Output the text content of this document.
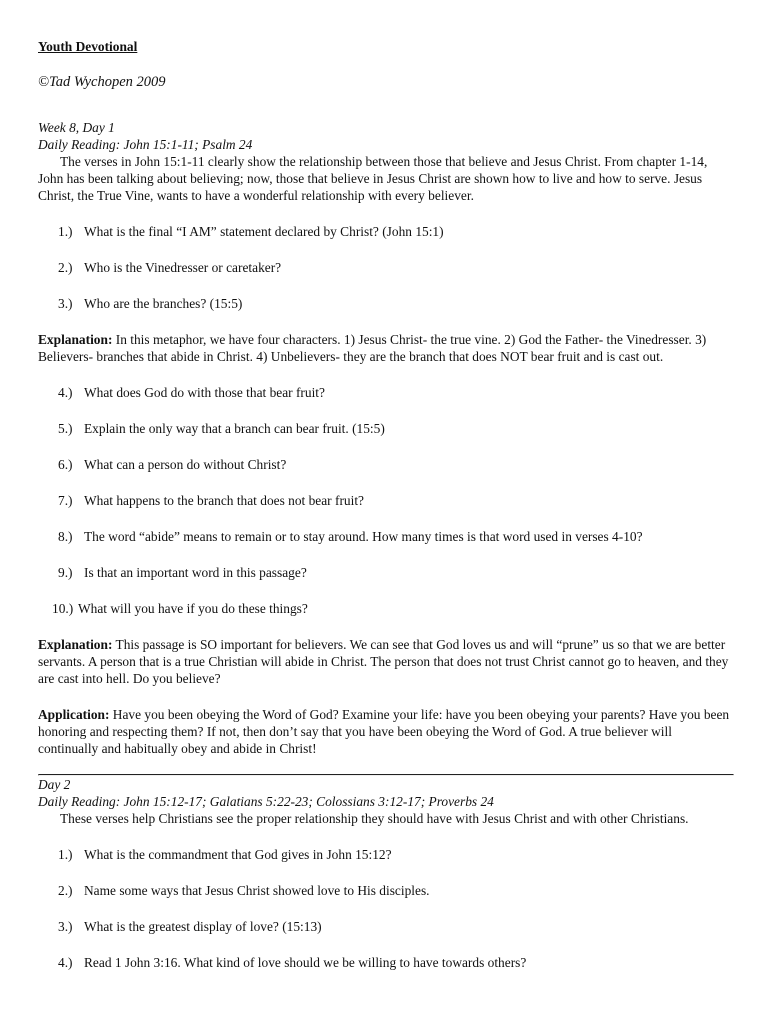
Youth Devotional

©Tad Wychopen 2009

Week 8, Day 1

Daily Reading: John 15:1-11; Psalm 24

The verses in John 15:1-11 clearly show the relationship between those that believe and Jesus Christ. From chapter 1-14, John has been talking about believing; now, those that believe in Jesus Christ are shown how to live and how to serve. Jesus Christ, the True Vine, wants to have a wonderful relationship with every believer.

1.) What is the final “I AM” statement declared by Christ? (John 15:1)
2.) Who is the Vinedresser or caretaker?
3.) Who are the branches? (15:5)

Explanation: In this metaphor, we have four characters. 1) Jesus Christ- the true vine. 2) God the Father- the Vinedresser. 3) Believers- branches that abide in Christ. 4) Unbelievers- they are the branch that does NOT bear fruit and is cast out.

4.) What does God do with those that bear fruit?
5.) Explain the only way that a branch can bear fruit. (15:5)
6.) What can a person do without Christ?
7.) What happens to the branch that does not bear fruit?
8.) The word “abide” means to remain or to stay around. How many times is that word used in verses 4-10?
9.) Is that an important word in this passage?
10.) What will you have if you do these things?

Explanation: This passage is SO important for believers. We can see that God loves us and will “prune” us so that we are better servants. A person that is a true Christian will abide in Christ. The person that does not trust Christ cannot go to heaven, and they are cast into hell. Do you believe?

Application: Have you been obeying the Word of God? Examine your life: have you been obeying your parents? Have you been honoring and respecting them? If not, then don’t say that you have been obeying the Word of God. A true believer will continually and habitually obey and abide in Christ!

Day 2

Daily Reading: John 15:12-17; Galatians 5:22-23; Colossians 3:12-17; Proverbs 24

These verses help Christians see the proper relationship they should have with Jesus Christ and with other Christians.

1.) What is the commandment that God gives in John 15:12?
2.) Name some ways that Jesus Christ showed love to His disciples.
3.) What is the greatest display of love? (15:13)
4.) Read 1 John 3:16. What kind of love should we be willing to have towards others?
